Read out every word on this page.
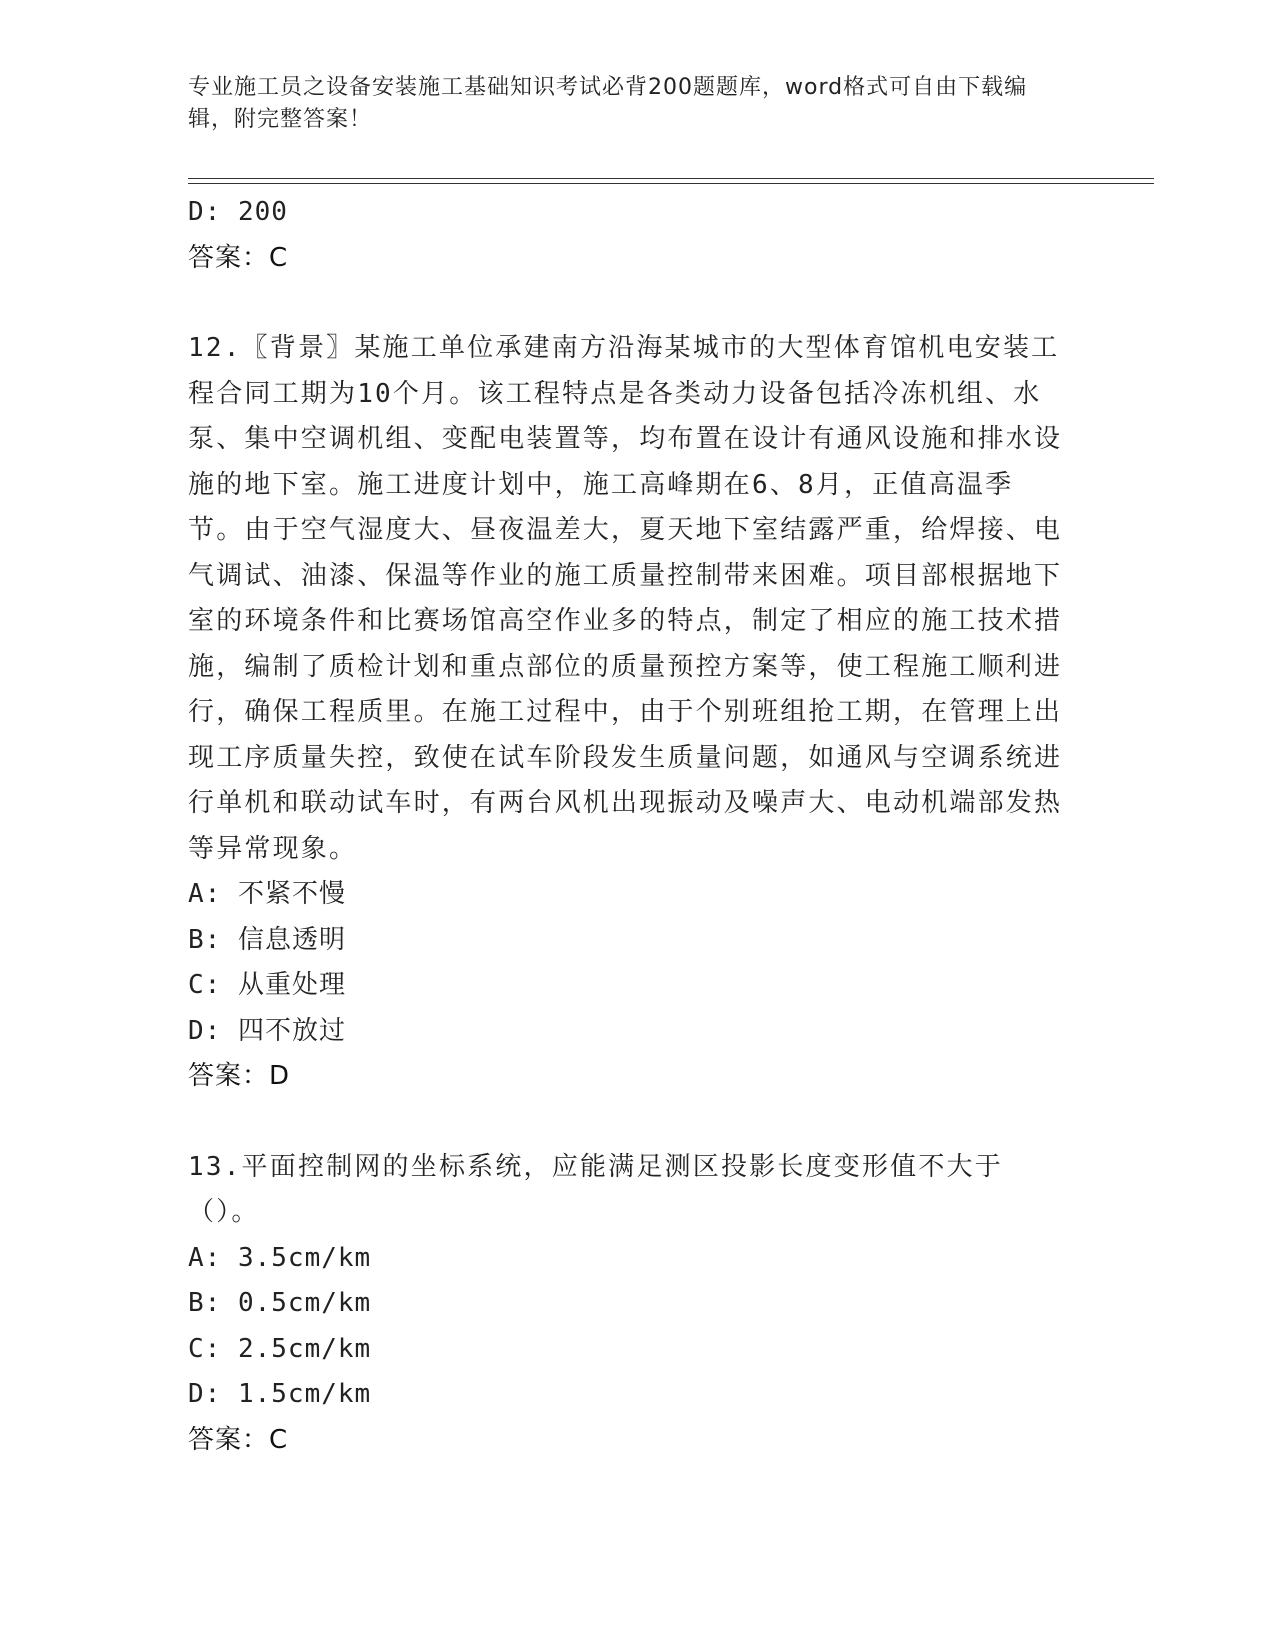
专业施工员之设备安装施工基础知识考试必背200题题库，word格式可自由下载编辑，附完整答案！
D: 200
答案：C
12.〖背景〗某施工单位承建南方沿海某城市的大型体育馆机电安装工程合同工期为10个月。该工程特点是各类动力设备包括冷冻机组、水泵、集中空调机组、变配电装置等，均布置在设计有通风设施和排水设施的地下室。施工进度计划中，施工高峰期在6、8月，正值高温季节。由于空气湿度大、昼夜温差大，夏天地下室结露严重，给焊接、电气调试、油漆、保温等作业的施工质量控制带来困难。项目部根据地下室的环境条件和比赛场馆高空作业多的特点，制定了相应的施工技术措施，编制了质检计划和重点部位的质量预控方案等，使工程施工顺利进行，确保工程质里。在施工过程中，由于个别班组抢工期，在管理上出现工序质量失控，致使在试车阶段发生质量问题，如通风与空调系统进行单机和联动试车时，有两台风机出现振动及噪声大、电动机端部发热等异常现象。
A: 不紧不慢
B: 信息透明
C: 从重处理
D: 四不放过
答案：D
13.平面控制网的坐标系统，应能满足测区投影长度变形值不大于（）。
A: 3.5cm/km
B: 0.5cm/km
C: 2.5cm/km
D: 1.5cm/km
答案：C
